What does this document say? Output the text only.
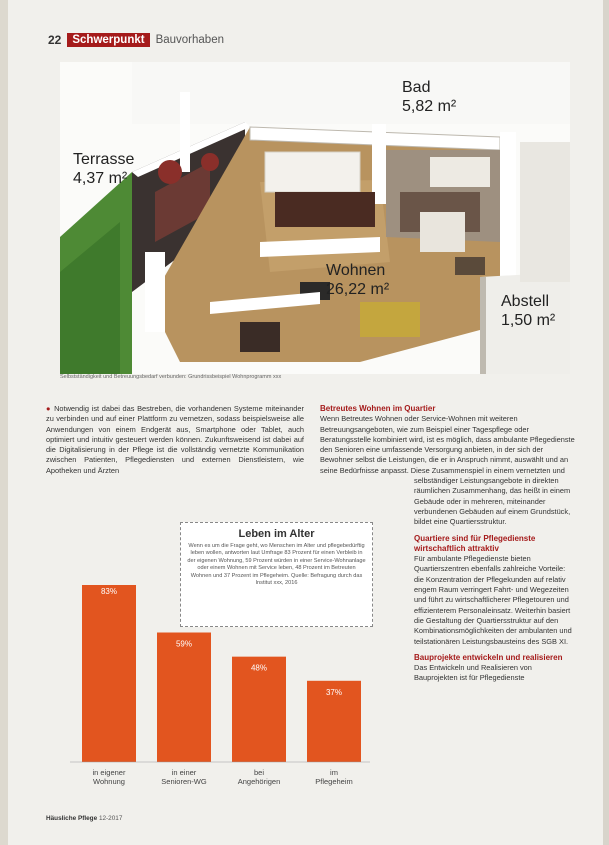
22 Schwerpunkt Bauvorhaben
Bad
5,82 m²
Terrasse
4,37 m²
Wohnen
26,22 m²
Abstell
1,50 m²
Selbstständigkeit und Betreuungsbedarf verbunden: Grundrissbeispiel Wohnprogramm xxx
● Notwendig ist dabei das Bestreben, die vorhandenen Systeme miteinander zu verbinden und auf einer Plattform zu vernetzen, sodass beispielsweise alle Anwendungen von einem Endgerät aus, Smartphone oder Tablet, auch optimiert und intuitiv gesteuert werden können. Zukunftsweisend ist dabei auf die Digitalisierung in der Pflege ist die vollständig vernetzte Kommunikation zwischen Patienten, Pflegediensten und externen Dienstleistern, wie Apotheken und Ärzten
Betreutes Wohnen im Quartier

Wenn Betreutes Wohnen oder Service-Wohnen mit weiteren Betreuungsangeboten, wie zum Beispiel einer Tagespflege oder Beratungsstelle kombiniert wird, ist es möglich, dass ambulante Pflegedienste den Senioren eine umfassende Versorgung anbieten, in der sich der Bewohner selbst die Leistungen, die er in Anspruch nimmt, auswählt und an seine Bedürfnisse anpasst. Diese Zusammenspiel in einem vernetzten und

selbständiger Leistungsangebote in direkten räumlichen Zusammenhang, das heißt in einem Gebäude oder in mehreren, miteinander verbundenen Gebäuden auf einem Grundstück, bildet eine Quartiersstruktur.

Quartiere sind für Pflegedienste wirtschaftlich attraktiv

Für ambulante Pflegedienste bieten Quartierszentren ebenfalls zahlreiche Vorteile: die Konzentration der Pflegekunden auf relativ engem Raum verringert Fahrt- und Wegezeiten und führt zu wirtschaftlicherer Pflegetouren und effizienterem Personaleinsatz. Weiterhin basiert die Gestaltung der Quartiersstruktur auf den Kombinationsmöglichkeiten der ambulanten und teilstationären Leistungsbausteins des SGB XI.

Bauprojekte entwickeln und realisieren

Das Entwickeln und Realisieren von Bauprojekten ist für Pflegedienste

Leben im Alter

Wenn es um die Frage geht, wo Menschen im Alter und pflegebedürftig leben wollen, antworten laut Umfrage 83 Prozent für einen Verbleib in der eigenen Wohnung, 59 Prozent würden in einer Service-Wohnanlage oder einem Wohnen mit Service leben, 48 Prozent im Betreuten Wohnen und 37 Prozent im Pflegeheim. Quelle: Befragung durch das Institut xxx, 2016

83%
in eigener Wohnung
59%
in einer Senioren-WG
48%
bei Angehörigen
37%
im Pflegeheim
Häusliche Pflege 12-2017
